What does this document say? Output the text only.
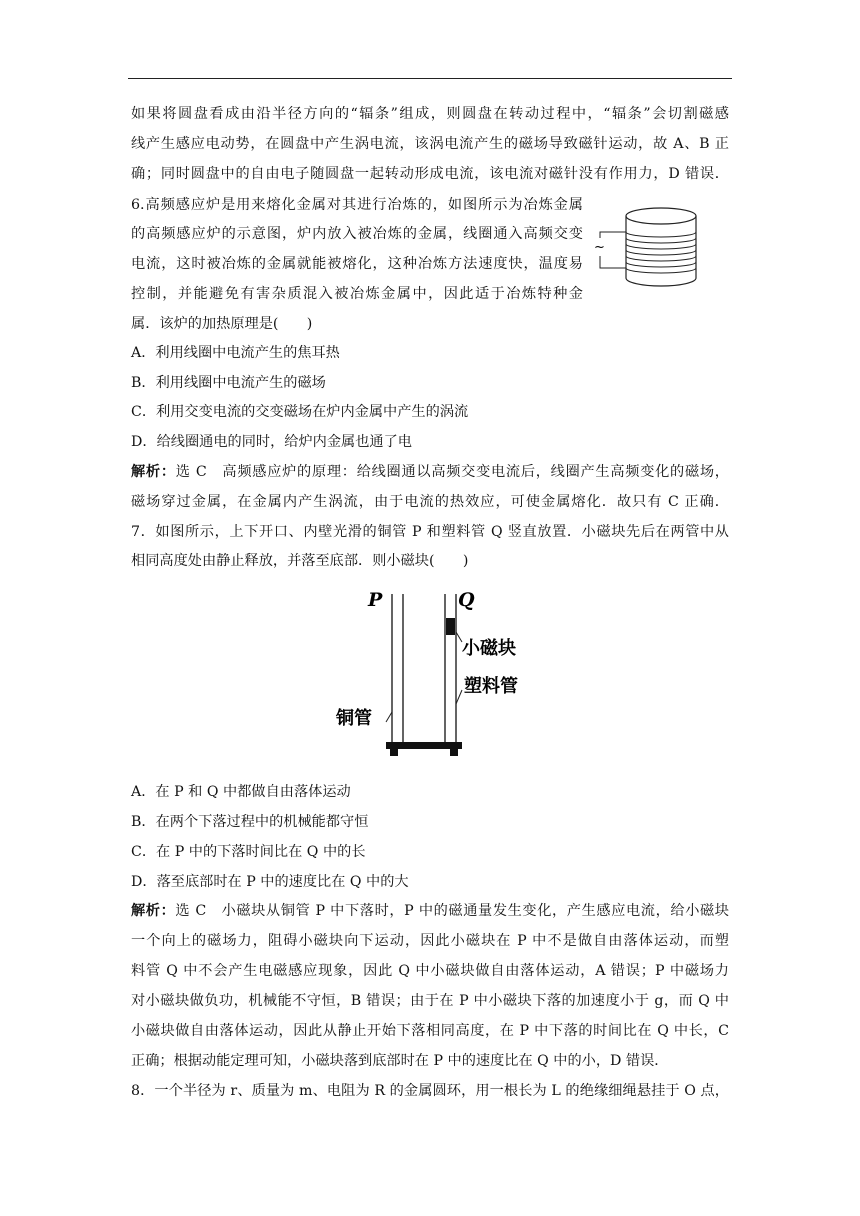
如果将圆盘看成由沿半径方向的“辐条”组成，则圆盘在转动过程中，“辐条”会切割磁感
线产生感应电动势，在圆盘中产生涡电流，该涡电流产生的磁场导致磁针运动，故 A、B 正
确；同时圆盘中的自由电子随圆盘一起转动形成电流，该电流对磁针没有作用力，D 错误．
6.高频感应炉是用来熔化金属对其进行冶炼的，如图所示为冶炼金属
的高频感应炉的示意图，炉内放入被冶炼的金属，线圈通入高频交变
电流，这时被冶炼的金属就能被熔化，这种冶炼方法速度快，温度易
控制，并能避免有害杂质混入被冶炼金属中，因此适于冶炼特种金
属．该炉的加热原理是(　　)
~
A．利用线圈中电流产生的焦耳热
B．利用线圈中电流产生的磁场
C．利用交变电流的交变磁场在炉内金属中产生的涡流
D．给线圈通电的同时，给炉内金属也通了电
解析：选 C　高频感应炉的原理：给线圈通以高频交变电流后，线圈产生高频变化的磁场，
磁场穿过金属，在金属内产生涡流，由于电流的热效应，可使金属熔化．故只有 C 正确．
7．如图所示，上下开口、内壁光滑的铜管 P 和塑料管 Q 竖直放置．小磁块先后在两管中从
相同高度处由静止释放，并落至底部．则小磁块(　　)
P	Q
小磁块
塑料管
铜管
A．在 P 和 Q 中都做自由落体运动
B．在两个下落过程中的机械能都守恒
C．在 P 中的下落时间比在 Q 中的长
D．落至底部时在 P 中的速度比在 Q 中的大
解析：选 C　小磁块从铜管 P 中下落时，P 中的磁通量发生变化，产生感应电流，给小磁块
一个向上的磁场力，阻碍小磁块向下运动，因此小磁块在 P 中不是做自由落体运动，而塑
料管 Q 中不会产生电磁感应现象，因此 Q 中小磁块做自由落体运动，A 错误；P 中磁场力
对小磁块做负功，机械能不守恒，B 错误；由于在 P 中小磁块下落的加速度小于 g，而 Q 中
小磁块做自由落体运动，因此从静止开始下落相同高度，在 P 中下落的时间比在 Q 中长，C
正确；根据动能定理可知，小磁块落到底部时在 P 中的速度比在 Q 中的小，D 错误．
8．一个半径为 r、质量为 m、电阻为 R 的金属圆环，用一根长为 L 的绝缘细绳悬挂于 O 点，
